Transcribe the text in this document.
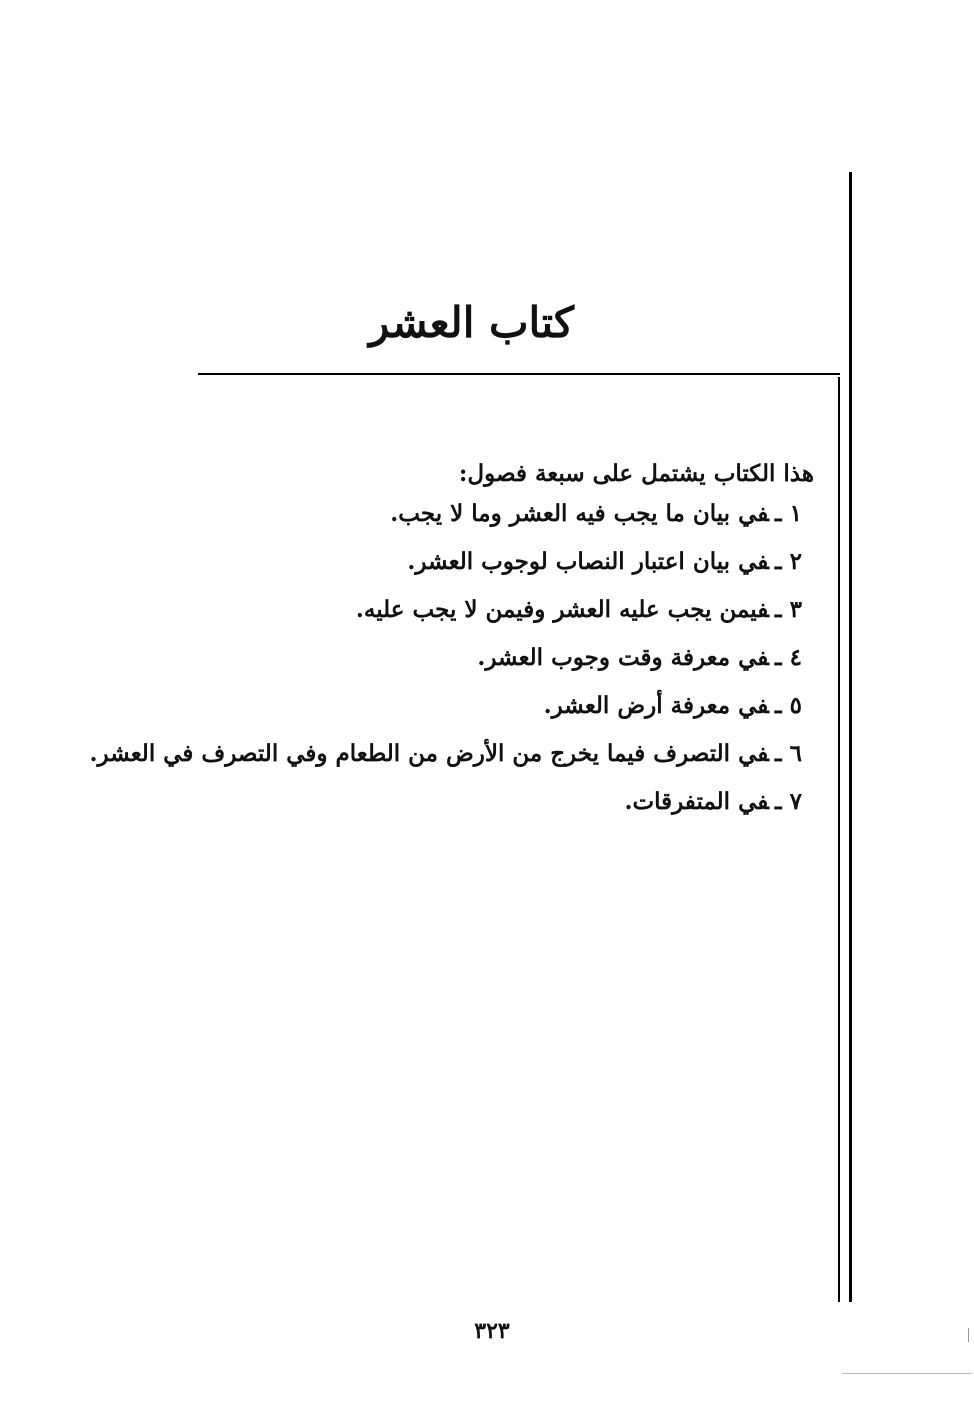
كتاب العشر
هذا الكتاب يشتمل على سبعة فصول:
١ ـفي بيان ما يجب فيه العشر وما لا يجب.
٢ ـفي بيان اعتبار النصاب لوجوب العشر.
٣ ـفيمن يجب عليه العشر وفيمن لا يجب عليه.
٤ ـفي معرفة وقت وجوب العشر.
٥ ـفي معرفة أرض العشر.
٦ ـفي التصرف فيما يخرج من الأرض من الطعام وفي التصرف في العشر.
٧ ـفي المتفرقات.
٣٢٣
